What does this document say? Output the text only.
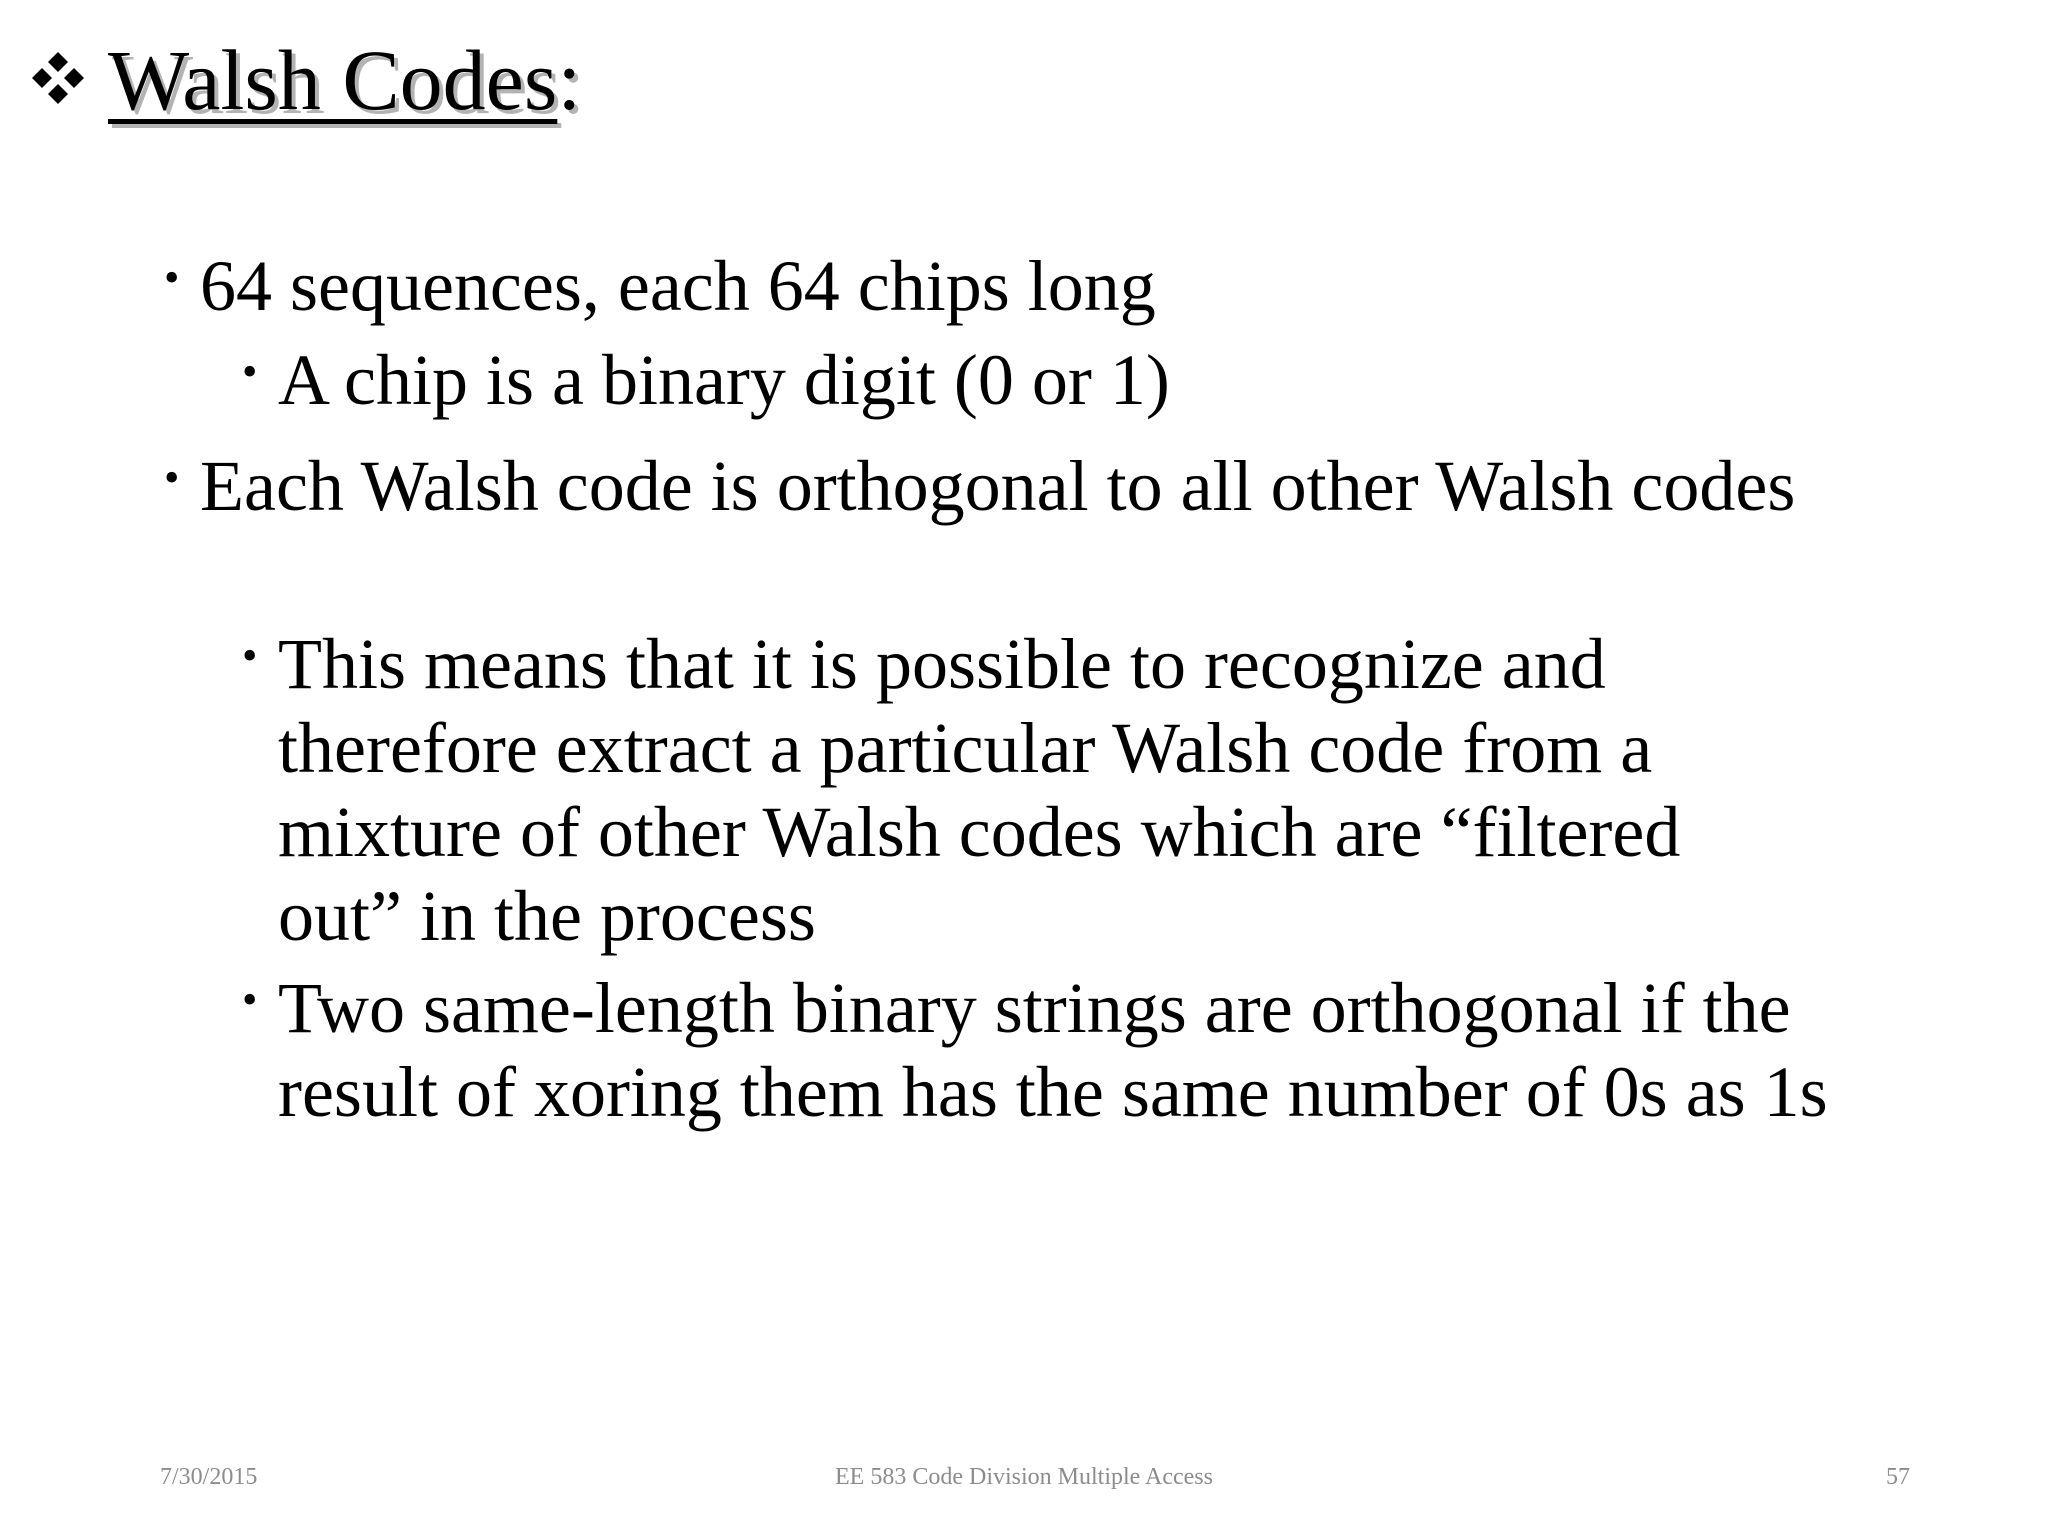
Walsh Codes:
• 64 sequences, each 64 chips long
• A chip is a binary digit (0 or 1)
• Each Walsh code is orthogonal to all other Walsh codes
• This means that it is possible to recognize and therefore extract a particular Walsh code from a mixture of other Walsh codes which are “filtered out” in the process
• Two same-length binary strings are orthogonal if the result of xoring them has the same number of 0s as 1s
7/30/2015	EE 583 Code Division Multiple Access	57
